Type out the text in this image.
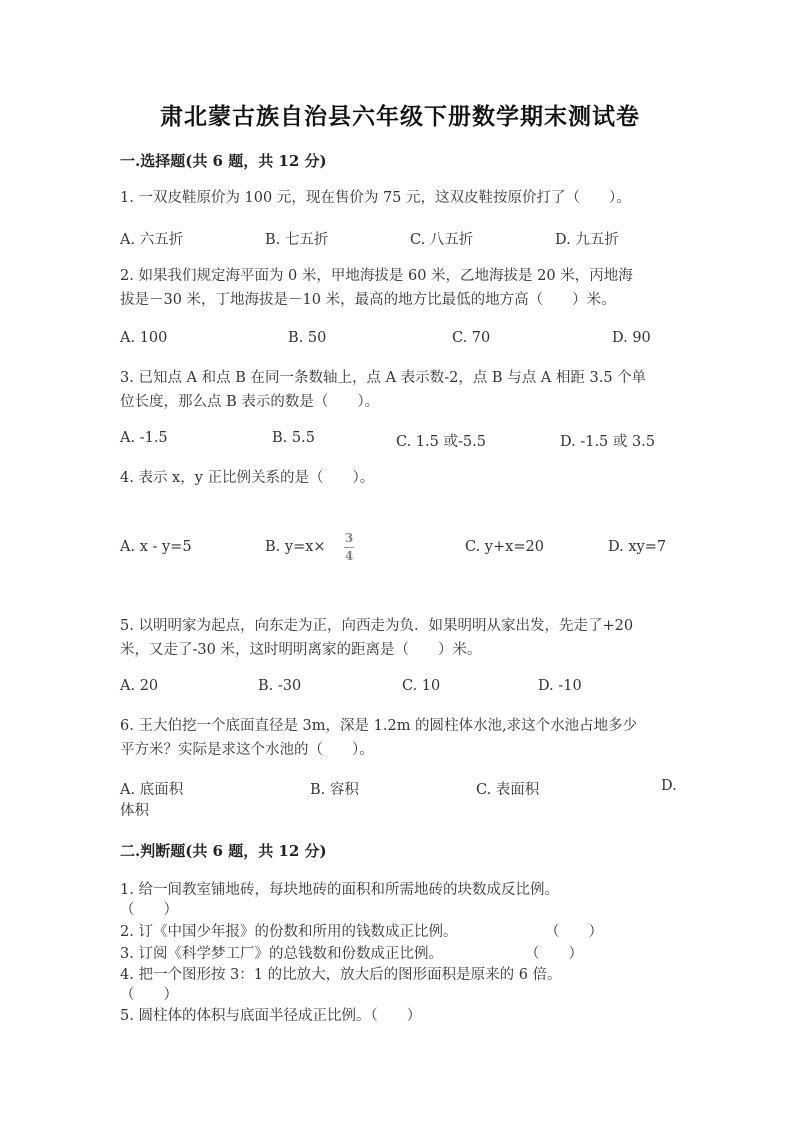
肃北蒙古族自治县六年级下册数学期末测试卷
一.选择题(共 6 题，共 12 分)
1. 一双皮鞋原价为 100 元，现在售价为 75 元，这双皮鞋按原价打了（　　）。
A. 六五折	B. 七五折	C. 八五折	D. 九五折
2. 如果我们规定海平面为 0 米，甲地海拔是 60 米，乙地海拔是 20 米，丙地海
拔是－30 米，丁地海拔是－10 米，最高的地方比最低的地方高（　　）米。
A. 100	B. 50	C. 70	D. 90
3. 已知点 A 和点 B 在同一条数轴上，点 A 表示数-2，点 B 与点 A 相距 3.5 个单
位长度，那么点 B 表示的数是（　　）。
A. -1.5	B. 5.5	C. 1.5 或-5.5	D. -1.5 或 3.5
4. 表示 x，y 正比例关系的是（　　）。
A. x - y=5	B. y=x×
3
4
C. y+x=20	D. xy=7
5. 以明明家为起点，向东走为正，向西走为负．如果明明从家出发，先走了+20
米，又走了-30 米，这时明明离家的距离是（　　）米。
A. 20	B. -30	C. 10	D. -10
6. 王大伯挖一个底面直径是 3m，深是 1.2m 的圆柱体水池,求这个水池占地多少
平方米？实际是求这个水池的（　　）。
A. 底面积	B. 容积	C. 表面积	D.
体积
二.判断题(共 6 题，共 12 分)
1. 给一间教室铺地砖，每块地砖的面积和所需地砖的块数成反比例。
（　　）
2. 订《中国少年报》的份数和所用的钱数成正比例。	（　　）
3. 订阅《科学梦工厂》的总钱数和份数成正比例。	（　　）
4. 把一个图形按 3：1 的比放大，放大后的图形面积是原来的 6 倍。
（　　）
5. 圆柱体的体积与底面半径成正比例。（　　）
